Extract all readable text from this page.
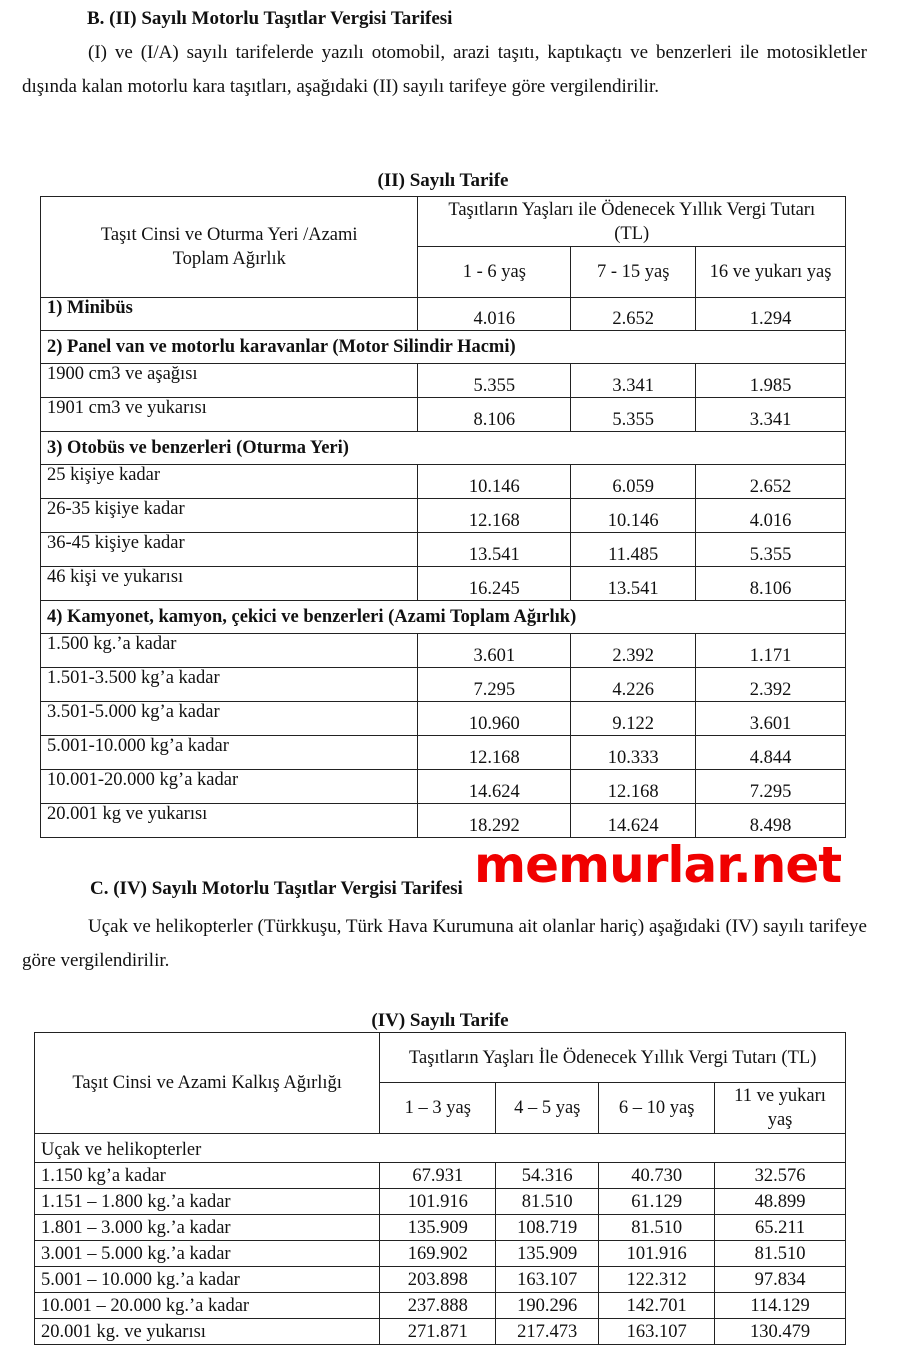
B. (II) Sayılı Motorlu Taşıtlar Vergisi Tarifesi

(I) ve (I/A) sayılı tarifelerde yazılı otomobil, arazi taşıtı, kaptıkaçtı ve benzerleri ile motosikletler dışında kalan motorlu kara taşıtları, aşağıdaki (II) sayılı tarifeye göre vergilendirilir.

(II) Sayılı Tarife
Taşıt Cinsi ve Oturma Yeri /Azami Toplam Ağırlık	Taşıtların Yaşları ile Ödenecek Yıllık Vergi Tutarı (TL)		
	1 - 6 yaş	7 - 15 yaş	16 ve yukarı yaş
1) Minibüs	4.016	2.652	1.294
2) Panel van ve motorlu karavanlar (Motor Silindir Hacmi)			
1900 cm3 ve aşağısı	5.355	3.341	1.985
1901 cm3 ve yukarısı	8.106	5.355	3.341
3) Otobüs ve benzerleri (Oturma Yeri)			
25 kişiye kadar	10.146	6.059	2.652
26-35 kişiye kadar	12.168	10.146	4.016
36-45 kişiye kadar	13.541	11.485	5.355
46 kişi ve yukarısı	16.245	13.541	8.106
4) Kamyonet, kamyon, çekici ve benzerleri (Azami Toplam Ağırlık)			
1.500 kg.’a kadar	3.601	2.392	1.171
1.501-3.500 kg’a kadar	7.295	4.226	2.392
3.501-5.000 kg’a kadar	10.960	9.122	3.601
5.001-10.000 kg’a kadar	12.168	10.333	4.844
10.001-20.000 kg’a kadar	14.624	12.168	7.295
20.001 kg ve yukarısı	18.292	14.624	8.498
memurlar.net
C. (IV) Sayılı Motorlu Taşıtlar Vergisi Tarifesi

Uçak ve helikopterler (Türkkuşu, Türk Hava Kurumuna ait olanlar hariç) aşağıdaki (IV) sayılı tarifeye göre vergilendirilir.

(IV) Sayılı Tarife
Taşıt Cinsi ve Azami Kalkış Ağırlığı	Taşıtların Yaşları İle Ödenecek Yıllık Vergi Tutarı (TL)			
	1 – 3 yaş	4 – 5 yaş	6 – 10 yaş	11 ve yukarı yaş
Uçak ve helikopterler				
1.150 kg’a kadar	67.931	54.316	40.730	32.576
1.151 – 1.800 kg.’a kadar	101.916	81.510	61.129	48.899
1.801 – 3.000 kg.’a kadar	135.909	108.719	81.510	65.211
3.001 – 5.000 kg.’a kadar	169.902	135.909	101.916	81.510
5.001 – 10.000 kg.’a kadar	203.898	163.107	122.312	97.834
10.001 – 20.000 kg.’a kadar	237.888	190.296	142.701	114.129
20.001 kg. ve yukarısı	271.871	217.473	163.107	130.479
